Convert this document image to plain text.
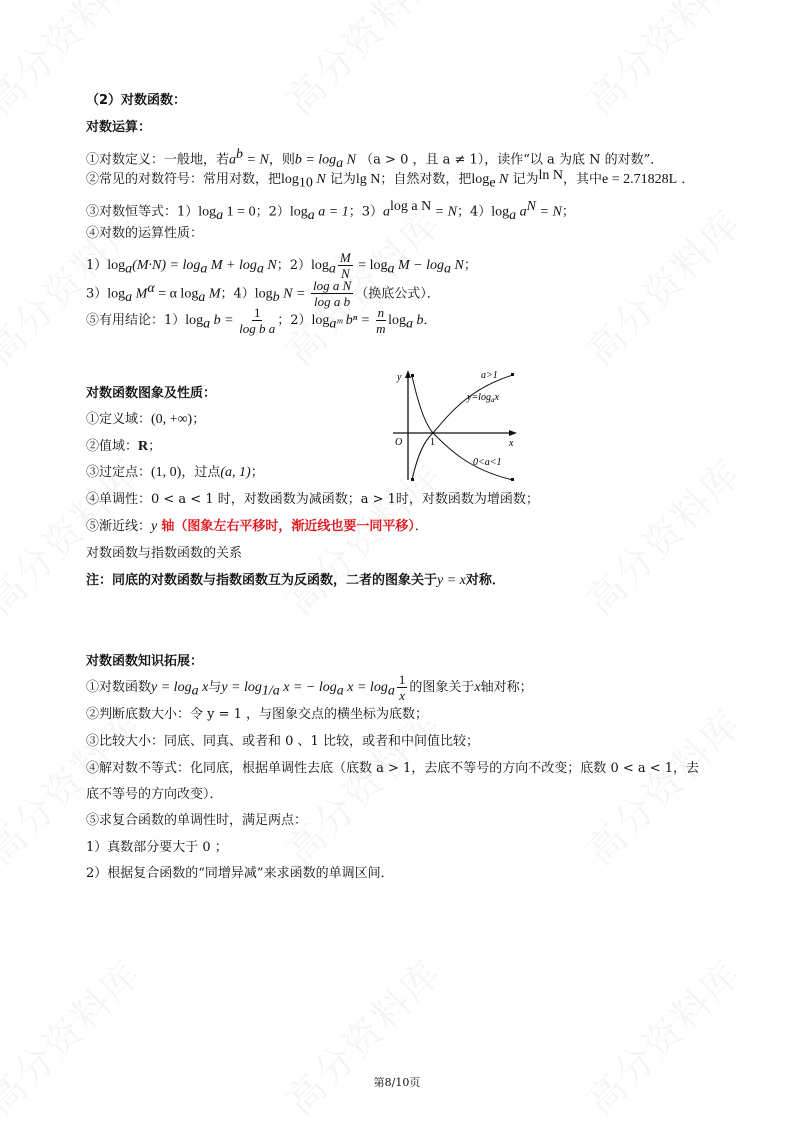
（2）对数函数：
对数运算：
①对数定义：一般地，若$a^b = N$，则$b = \log_a N$ （a > 0 ，且 a ≠ 1），读作“以 a 为底 N 的对数”．
②常见的对数符号：常用对数，把$\log_{10} N$ 记为lg N；自然对数，把$\log_e N$ 记为ln N，其中e = 2.71828L ．
③对数恒等式：$1)\log_a$ 1 = 0；$2)\log_a$ a = 1；$3)a^{log a N} = N$；$4)\log_a$ $a^N = N$；
④对数的运算性质：
$1)\log_a(M\cdot N) = \log_a M + \log_a N$；$2)\log_a \frac{M}{N} = \log_a M - \log_a N$；
$3)\log_a$ $M^\alpha = \alpha$ $\log_a M$；$4)\log_b$ $N = \frac{\text{log a N}}{\text{log a b}}$ （换底公式）．
⑤有用结论：$1)\log_a$ $b = \frac{1}{\text{log b a}}$ ；$2)\log_{aᵐ}$ $b^n = \frac{n}{m} \log_a b$．
对数函数图象及性质：
①定义域：(0, +∞)；
②值域：R；
③过定点：(1, 0)，过点(a, 1)；
④单调性：0 < a < 1 时，对数函数为减函数；a > 1时，对数函数为增函数；
⑤渐近线：y 轴（图象左右平移时，渐近线也要一同平移）．
对数函数与指数函数的关系
注：同底的对数函数与指数函数互为反函数，二者的图象关于y = x对称．
y
x
O	1
a>1
$y=\log_ax$
0<a<1
对数函数知识拓展：
①对数函数$y = \log_a x$与$y = \log_{1/a} x$ = − $\log_a x = \log_a \frac{1}{x}$ 的图象关于x轴对称；
②判断底数大小：令 y = 1 ，与图象交点的横坐标为底数；
③比较大小：同底、同真、或者和 0 、1 比较，或者和中间值比较；
④解对数不等式：化同底，根据单调性去底（底数 a > 1，去底不等号的方向不改变；底数 0 < a < 1，去
底不等号的方向改变）．
⑤求复合函数的单调性时，满足两点：
1）真数部分要大于 0 ；
2）根据复合函数的“同增异减”来求函数的单调区间．
第8/10页
